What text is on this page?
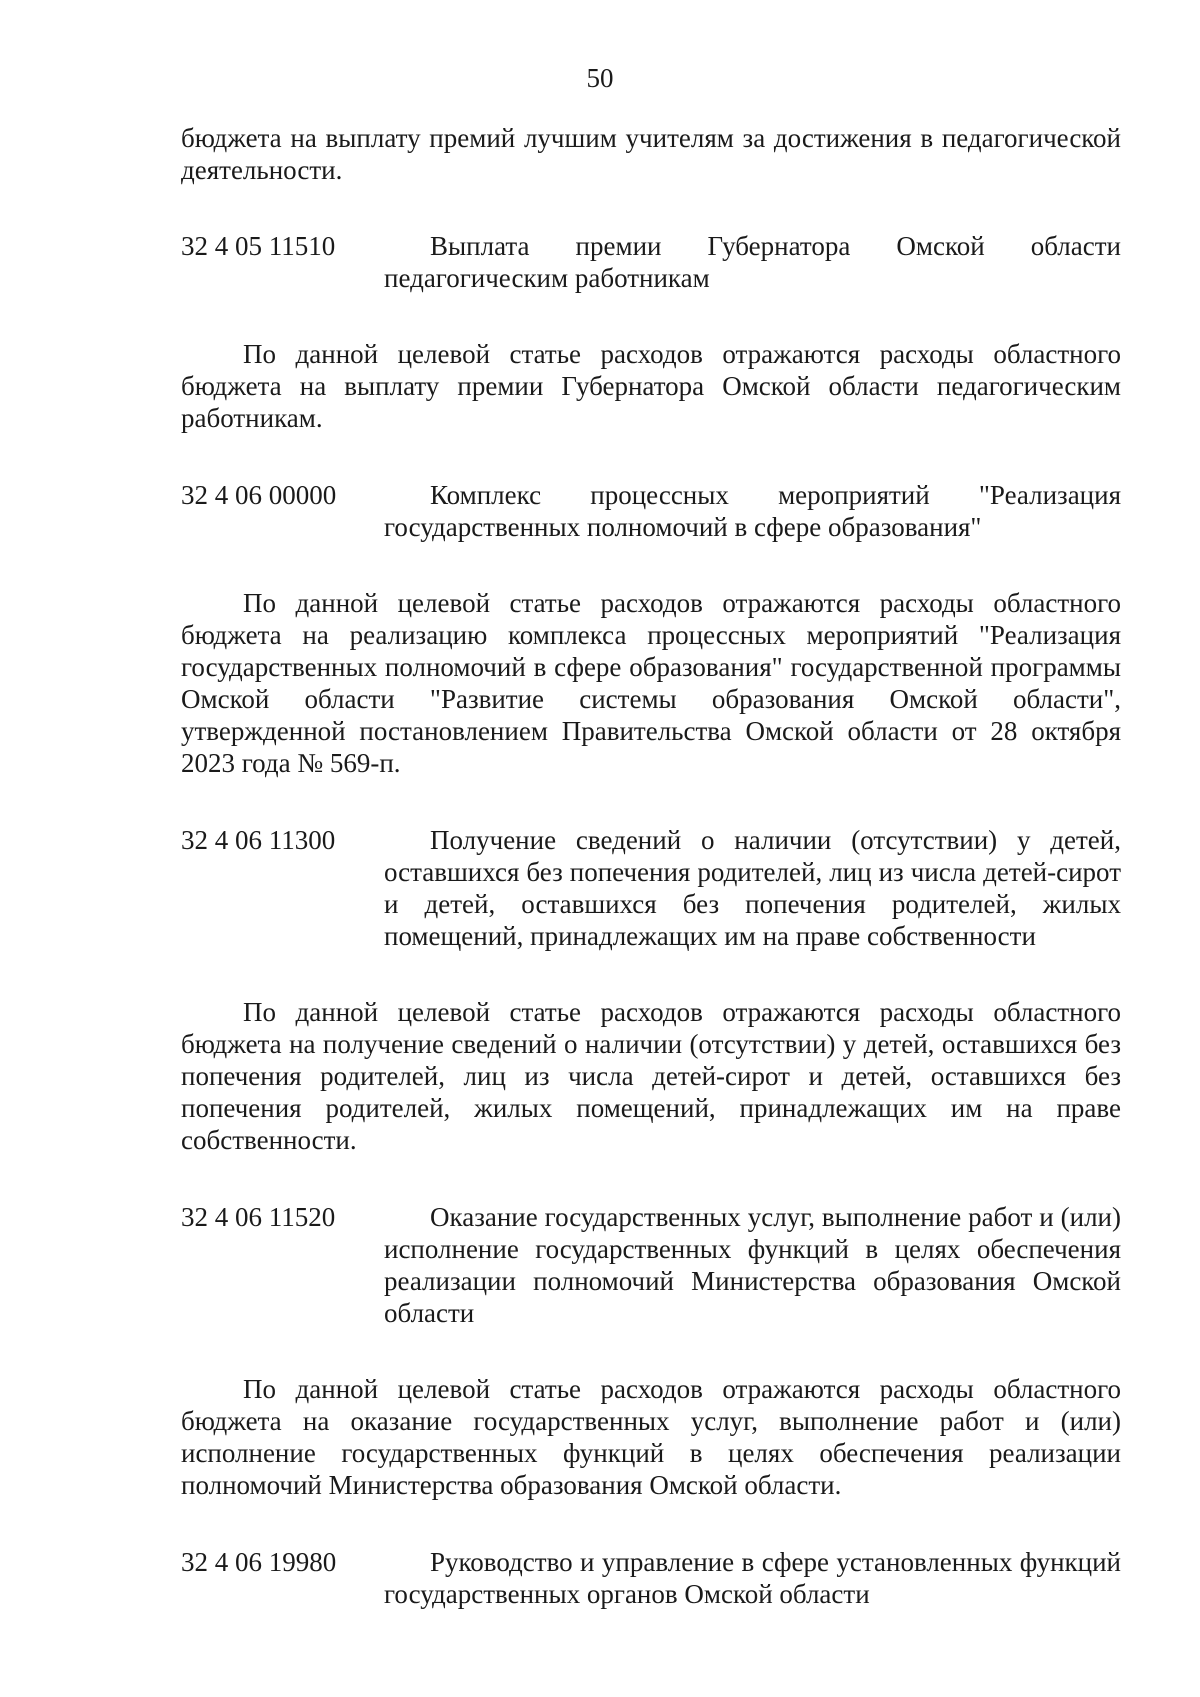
50

бюджета на выплату премий лучшим учителям за достижения в педагогической деятельности.

32 4 05 11510	Выплата премии Губернатора Омской области педагогическим работникам

По данной целевой статье расходов отражаются расходы областного бюджета на выплату премии Губернатора Омской области педагогическим работникам.

32 4 06 00000	Комплекс процессных мероприятий "Реализация государственных полномочий в сфере образования"

По данной целевой статье расходов отражаются расходы областного бюджета на реализацию комплекса процессных мероприятий "Реализация государственных полномочий в сфере образования" государственной программы Омской области "Развитие системы образования Омской области", утвержденной постановлением Правительства Омской области от 28 октября 2023 года № 569-п.

32 4 06 11300	Получение сведений о наличии (отсутствии) у детей, оставшихся без попечения родителей, лиц из числа детей-сирот и детей, оставшихся без попечения родителей, жилых помещений, принадлежащих им на праве собственности

По данной целевой статье расходов отражаются расходы областного бюджета на получение сведений о наличии (отсутствии) у детей, оставшихся без попечения родителей, лиц из числа детей-сирот и детей, оставшихся без попечения родителей, жилых помещений, принадлежащих им на праве собственности.

32 4 06 11520	Оказание государственных услуг, выполнение работ и (или) исполнение государственных функций в целях обеспечения реализации полномочий Министерства образования Омской области

По данной целевой статье расходов отражаются расходы областного бюджета на оказание государственных услуг, выполнение работ и (или) исполнение государственных функций в целях обеспечения реализации полномочий Министерства образования Омской области.

32 4 06 19980	Руководство и управление в сфере установленных функций государственных органов Омской области
